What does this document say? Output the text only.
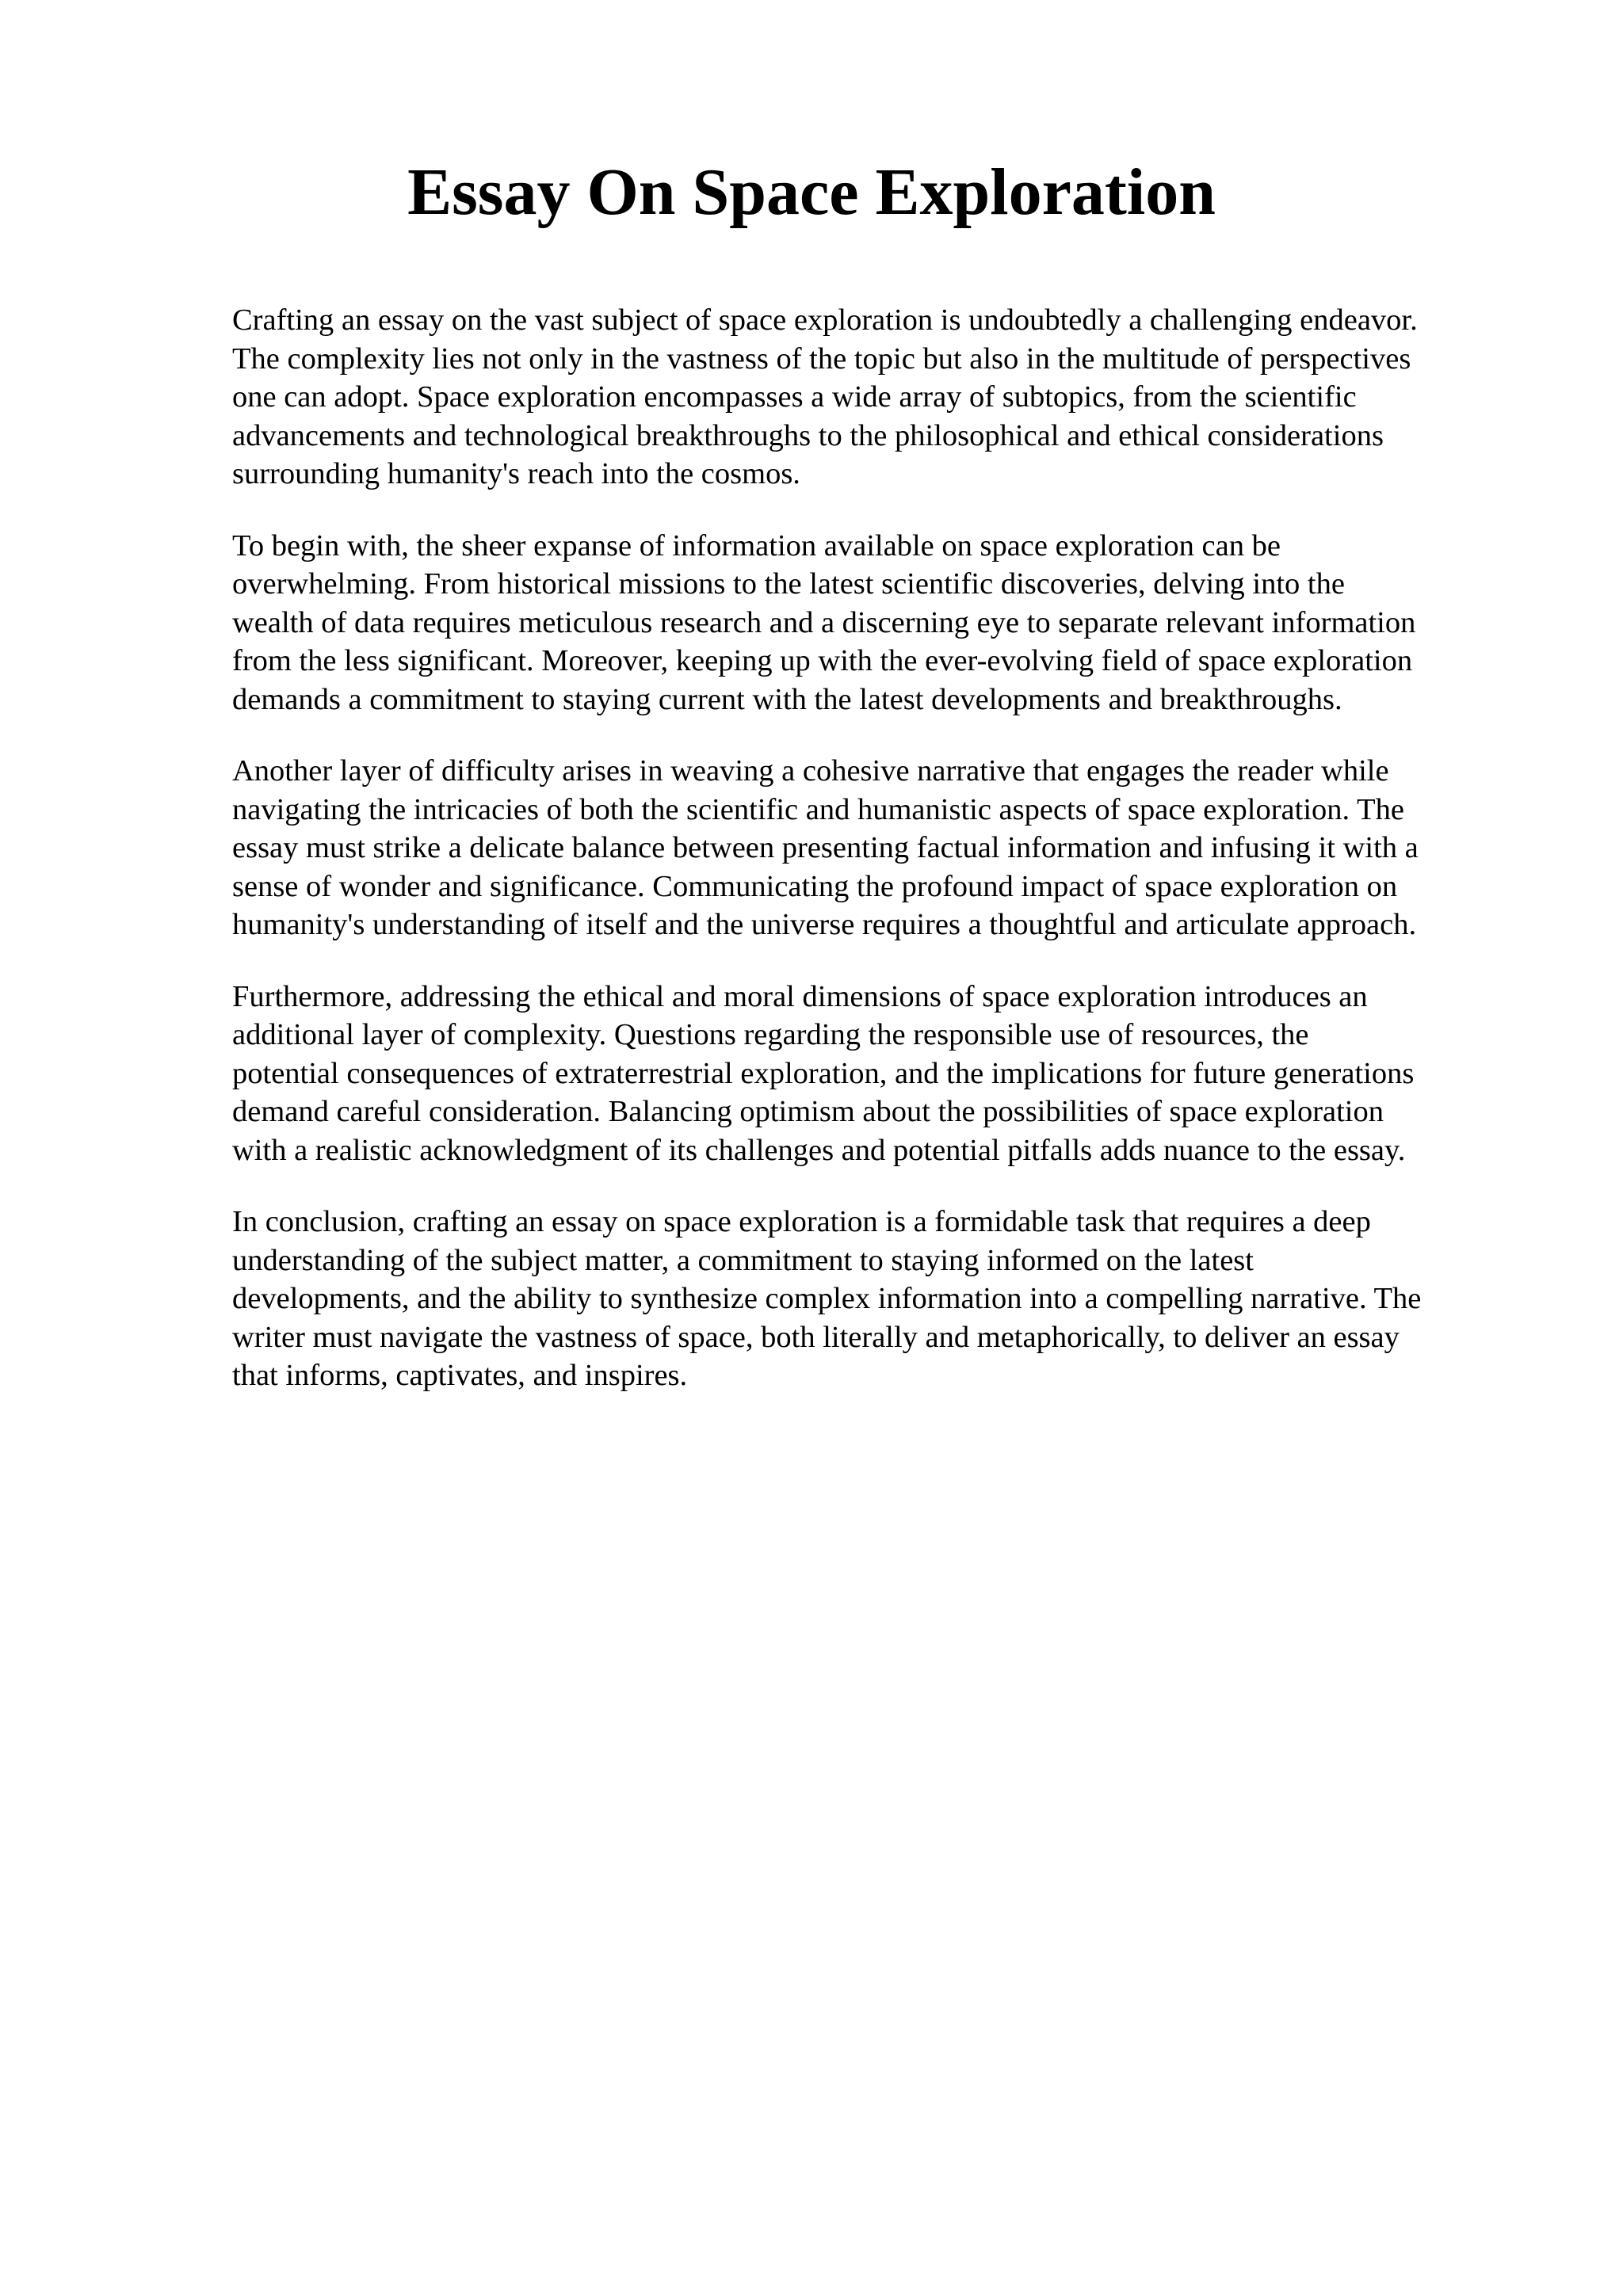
Essay On Space Exploration

Crafting an essay on the vast subject of space exploration is undoubtedly a challenging endeavor.
The complexity lies not only in the vastness of the topic but also in the multitude of perspectives
one can adopt. Space exploration encompasses a wide array of subtopics, from the scientific
advancements and technological breakthroughs to the philosophical and ethical considerations
surrounding humanity's reach into the cosmos.

To begin with, the sheer expanse of information available on space exploration can be
overwhelming. From historical missions to the latest scientific discoveries, delving into the
wealth of data requires meticulous research and a discerning eye to separate relevant information
from the less significant. Moreover, keeping up with the ever-evolving field of space exploration
demands a commitment to staying current with the latest developments and breakthroughs.

Another layer of difficulty arises in weaving a cohesive narrative that engages the reader while
navigating the intricacies of both the scientific and humanistic aspects of space exploration. The
essay must strike a delicate balance between presenting factual information and infusing it with a
sense of wonder and significance. Communicating the profound impact of space exploration on
humanity's understanding of itself and the universe requires a thoughtful and articulate approach.

Furthermore, addressing the ethical and moral dimensions of space exploration introduces an
additional layer of complexity. Questions regarding the responsible use of resources, the
potential consequences of extraterrestrial exploration, and the implications for future generations
demand careful consideration. Balancing optimism about the possibilities of space exploration
with a realistic acknowledgment of its challenges and potential pitfalls adds nuance to the essay.

In conclusion, crafting an essay on space exploration is a formidable task that requires a deep
understanding of the subject matter, a commitment to staying informed on the latest
developments, and the ability to synthesize complex information into a compelling narrative. The
writer must navigate the vastness of space, both literally and metaphorically, to deliver an essay
that informs, captivates, and inspires.
